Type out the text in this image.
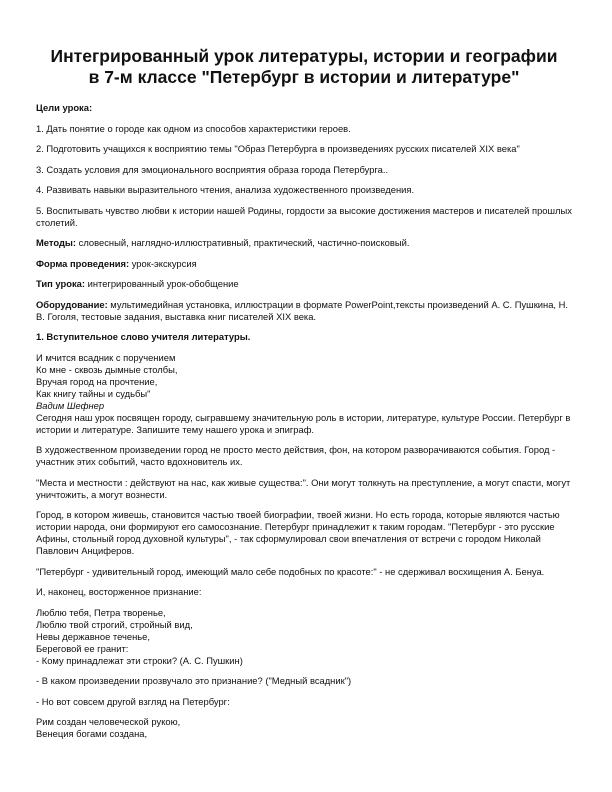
Интегрированный урок литературы, истории и географии в 7-м классе "Петербург в истории и литературе"
Цели урока:
1. Дать понятие о городе как одном из способов характеристики героев.
2. Подготовить учащихся к восприятию темы "Образ Петербурга в произведениях русских писателей XIX века"
3. Создать условия для эмоционального восприятия образа города Петербурга..
4. Развивать навыки выразительного чтения, анализа художественного произведения.
5. Воспитывать чувство любви к истории нашей Родины, гордости за высокие достижения мастеров и писателей прошлых столетий.
Методы: словесный, наглядно-иллюстративный, практический, частично-поисковый.
Форма проведения: урок-экскурсия
Тип урока: интегрированный урок-обобщение
Оборудование: мультимедийная установка, иллюстрации в формате PowerPoint,тексты произведений А. С. Пушкина, Н. В. Гоголя, тестовые задания, выставка книг писателей XIX века.
1. Вступительное слово учителя литературы.
И мчится всадник с поручением
Ко мне - сквозь дымные столбы,
Вручая город на прочтение,
Как книгу тайны и судьбы"
Вадим Шефнер
Сегодня наш урок посвящен городу, сыгравшему значительную роль в истории, литературе, культуре России. Петербург в истории и литературе. Запишите тему нашего урока и эпиграф.
В художественном произведении город не просто место действия, фон, на котором разворачиваются события. Город - участник этих событий, часто вдохновитель их.
"Места и местности : действуют на нас, как живые существа:". Они могут толкнуть на преступление, а могут спасти, могут уничтожить, а могут вознести.
Город, в котором живешь, становится частью твоей биографии, твоей жизни. Но есть города, которые являются частью истории народа, они формируют его самосознание. Петербург принадлежит к таким городам. "Петербург - это русские Афины, стольный город духовной культуры", - так сформулировал свои впечатления от встречи с городом Николай Павлович Анциферов.
"Петербург - удивительный город, имеющий мало себе подобных по красоте:" - не сдерживал восхищения А. Бенуа.
И, наконец, восторженное признание:
Люблю тебя, Петра творенье,
Люблю твой строгий, стройный вид,
Невы державное теченье,
Береговой ее гранит:
- Кому принадлежат эти строки? (А. С. Пушкин)
- В каком произведении прозвучало это признание? ("Медный всадник")
- Но вот совсем другой взгляд на Петербург:
Рим создан человеческой рукою,
Венеция богами создана,
